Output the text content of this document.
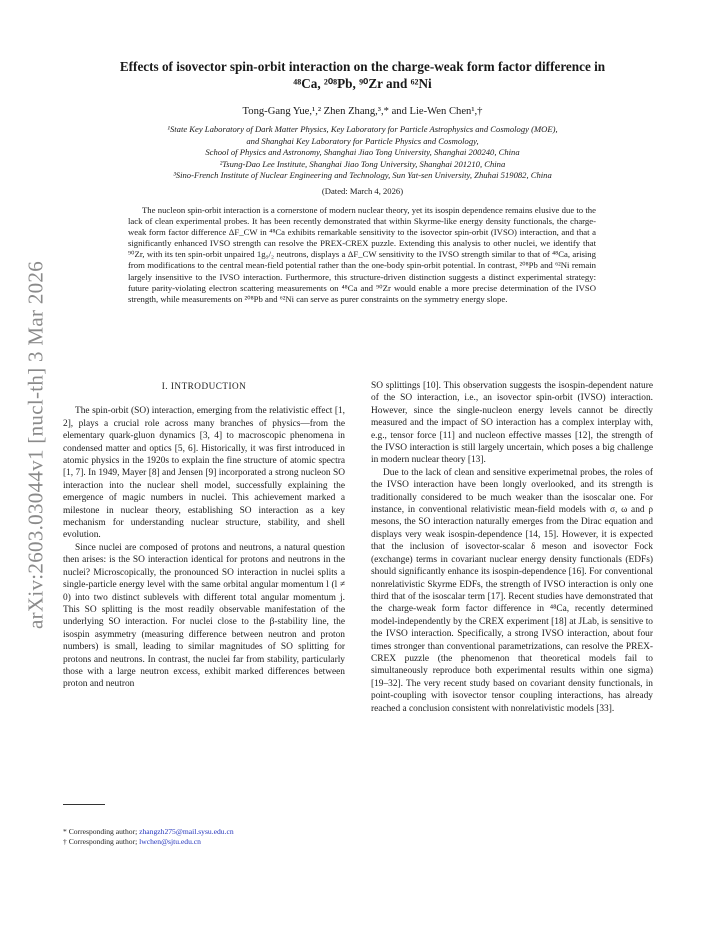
arXiv:2603.03044v1 [nucl-th] 3 Mar 2026
Effects of isovector spin-orbit interaction on the charge-weak form factor difference in
⁴⁸Ca, ²⁰⁸Pb, ⁹⁰Zr and ⁶²Ni
Tong-Gang Yue,¹,² Zhen Zhang,³,* and Lie-Wen Chen¹,†
¹State Key Laboratory of Dark Matter Physics, Key Laboratory for Particle Astrophysics and Cosmology (MOE),
and Shanghai Key Laboratory for Particle Physics and Cosmology,
School of Physics and Astronomy, Shanghai Jiao Tong University, Shanghai 200240, China
²Tsung-Dao Lee Institute, Shanghai Jiao Tong University, Shanghai 201210, China
³Sino-French Institute of Nuclear Engineering and Technology, Sun Yat-sen University, Zhuhai 519082, China
(Dated: March 4, 2026)
The nucleon spin-orbit interaction is a cornerstone of modern nuclear theory, yet its isospin dependence remains elusive due to the lack of clean experimental probes. It has been recently demonstrated that within Skyrme-like energy density functionals, the charge-weak form factor difference ΔF_CW in ⁴⁸Ca exhibits remarkable sensitivity to the isovector spin-orbit (IVSO) interaction, and that a significantly enhanced IVSO strength can resolve the PREX-CREX puzzle. Extending this analysis to other nuclei, we identify that ⁹⁰Zr, with its ten spin-orbit unpaired 1g₉/₂ neutrons, displays a ΔF_CW sensitivity to the IVSO strength similar to that of ⁴⁸Ca, arising from modifications to the central mean-field potential rather than the one-body spin-orbit potential. In contrast, ²⁰⁸Pb and ⁶²Ni remain largely insensitive to the IVSO interaction. Furthermore, this structure-driven distinction suggests a distinct experimental strategy: future parity-violating electron scattering measurements on ⁴⁸Ca and ⁹⁰Zr would enable a more precise determination of the IVSO strength, while measurements on ²⁰⁸Pb and ⁶²Ni can serve as purer constraints on the symmetry energy slope.
I. INTRODUCTION

The spin-orbit (SO) interaction, emerging from the relativistic effect [1, 2], plays a crucial role across many branches of physics—from the elementary quark-gluon dynamics [3, 4] to macroscopic phenomena in condensed matter and optics [5, 6]. Historically, it was first introduced in atomic physics in the 1920s to explain the fine structure of atomic spectra [1, 7]. In 1949, Mayer [8] and Jensen [9] incorporated a strong nucleon SO interaction into the nuclear shell model, successfully explaining the emergence of magic numbers in nuclei. This achievement marked a milestone in nuclear theory, establishing SO interaction as a key mechanism for understanding nuclear structure, stability, and shell evolution.

Since nuclei are composed of protons and neutrons, a natural question then arises: is the SO interaction identical for protons and neutrons in the nuclei? Microscopically, the pronounced SO interaction in nuclei splits a single-particle energy level with the same orbital angular momentum l (l ≠ 0) into two distinct sublevels with different total angular momentum j. This SO splitting is the most readily observable manifestation of the underlying SO interaction. For nuclei close to the β-stability line, the isospin asymmetry (measuring difference between neutron and proton numbers) is small, leading to similar magnitudes of SO splitting for protons and neutrons. In contrast, the nuclei far from stability, particularly those with a large neutron excess, exhibit marked differences between proton and neutron

SO splittings [10]. This observation suggests the isospin-dependent nature of the SO interaction, i.e., an isovector spin-orbit (IVSO) interaction. However, since the single-nucleon energy levels cannot be directly measured and the impact of SO interaction has a complex interplay with, e.g., tensor force [11] and nucleon effective masses [12], the strength of the IVSO interaction is still largely uncertain, which poses a big challenge in modern nuclear theory [13].

Due to the lack of clean and sensitive experimetnal probes, the roles of the IVSO interaction have been longly overlooked, and its strength is traditionally considered to be much weaker than the isoscalar one. For instance, in conventional relativistic mean-field models with σ, ω and ρ mesons, the SO interaction naturally emerges from the Dirac equation and displays very weak isospin-dependence [14, 15]. However, it is expected that the inclusion of isovector-scalar δ meson and isovector Fock (exchange) terms in covariant nuclear energy density functionals (EDFs) should significantly enhance its isospin-dependence [16]. For conventional nonrelativistic Skyrme EDFs, the strength of IVSO interaction is only one third that of the isoscalar term [17]. Recent studies have demonstrated that the charge-weak form factor difference in ⁴⁸Ca, recently determined model-independently by the CREX experiment [18] at JLab, is sensitive to the IVSO interaction. Specifically, a strong IVSO interaction, about four times stronger than conventional parametrizations, can resolve the PREX-CREX puzzle (the phenomenon that theoretical models fail to simultaneously reproduce both experimental results within one sigma) [19–32]. The very recent study based on covariant density functionals, in point-coupling with isovector tensor coupling interactions, has already reached a conclusion consistent with nonrelativistic models [33].

* Corresponding author; zhangzh275@mail.sysu.edu.cn
† Corresponding author; lwchen@sjtu.edu.cn
